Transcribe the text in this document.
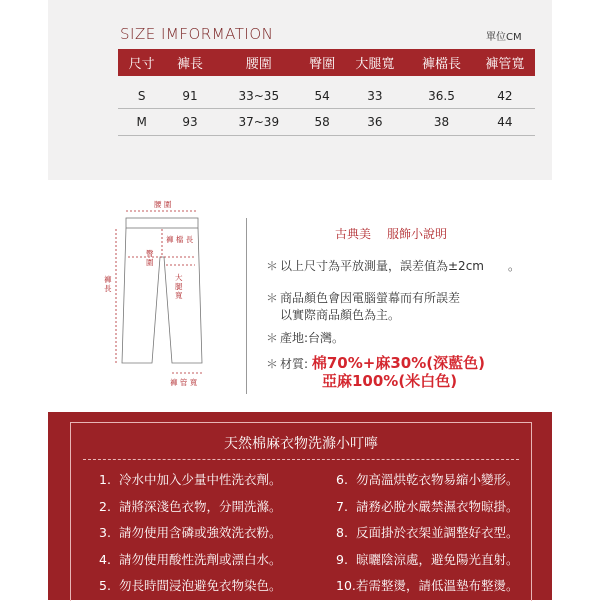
SIZE IMFORMATION	單位CM
尺寸	褲長	腰圍	臀圍	大腿寬	褲檔長	褲管寬
S	91	33~35	54	33	36.5	42
M	93	37~39	58	36	38	44
腰 圍
褲 檔 長
臀 圍
大 腿 寬
褲 長
褲 管 寬
古典美 服飾小說明
＊ 以上尺寸為平放測量，誤差值為±2cm　　。
＊ 商品顏色會因電腦螢幕而有所誤差
以實際商品顏色為主。
＊ 產地:台灣。
＊ 材質: 棉70%+麻30%(深藍色)
亞麻100%(米白色)
天然棉麻衣物洗滌小叮嚀
1. 冷水中加入少量中性洗衣劑。
2. 請將深淺色衣物，分開洗滌。
3. 請勿使用含磷或強效洗衣粉。
4. 請勿使用酸性洗劑或漂白水。
5. 勿長時間浸泡避免衣物染色。
6. 勿高溫烘乾衣物易縮小變形。
7. 請務必脫水嚴禁濕衣物晾掛。
8. 反面掛於衣架並調整好衣型。
9. 晾曬陰涼處，避免陽光直射。
10.若需整燙，請低溫墊布整燙。
